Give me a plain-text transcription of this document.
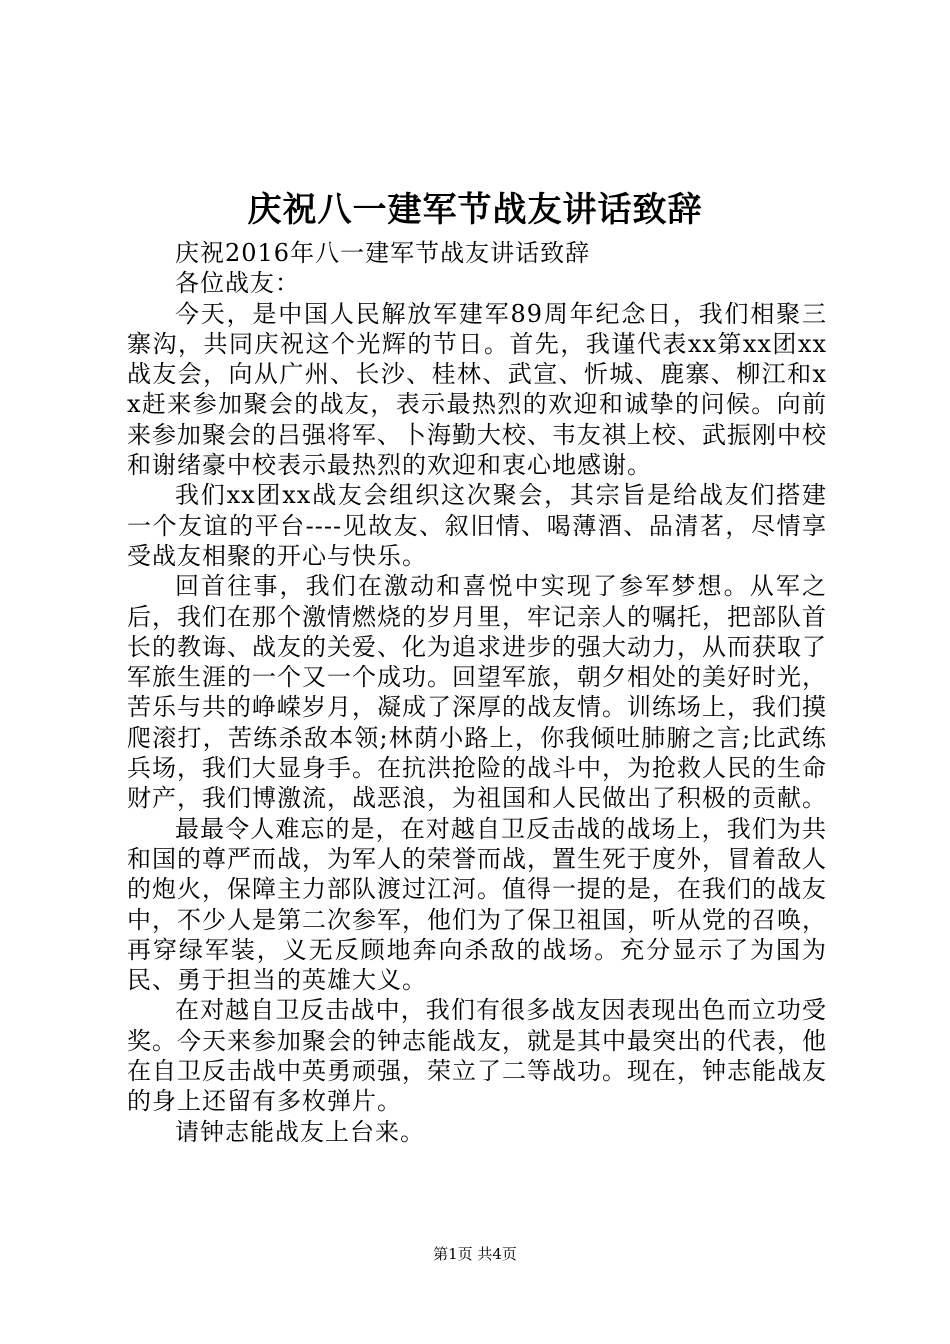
庆祝八一建军节战友讲话致辞

庆祝2016年八一建军节战友讲话致辞

各位战友：

今天，是中国人民解放军建军89周年纪念日，我们相聚三寨沟，共同庆祝这个光辉的节日。首先，我谨代表xx第xx团xx战友会，向从广州、长沙、桂林、武宣、忻城、鹿寨、柳江和xx赶来参加聚会的战友，表示最热烈的欢迎和诚挚的问候。向前来参加聚会的吕强将军、卜海勤大校、韦友祺上校、武振刚中校和谢绪豪中校表示最热烈的欢迎和衷心地感谢。

我们xx团xx战友会组织这次聚会，其宗旨是给战友们搭建一个友谊的平台----见故友、叙旧情、喝薄酒、品清茗，尽情享受战友相聚的开心与快乐。

回首往事，我们在激动和喜悦中实现了参军梦想。从军之后，我们在那个激情燃烧的岁月里，牢记亲人的嘱托，把部队首长的教诲、战友的关爱、化为追求进步的强大动力，从而获取了军旅生涯的一个又一个成功。回望军旅，朝夕相处的美好时光，苦乐与共的峥嵘岁月，凝成了深厚的战友情。训练场上，我们摸爬滚打，苦练杀敌本领;林荫小路上，你我倾吐肺腑之言;比武练兵场，我们大显身手。在抗洪抢险的战斗中，为抢救人民的生命财产，我们博激流，战恶浪，为祖国和人民做出了积极的贡献。

最最令人难忘的是，在对越自卫反击战的战场上，我们为共和国的尊严而战，为军人的荣誉而战，置生死于度外，冒着敌人的炮火，保障主力部队渡过江河。值得一提的是，在我们的战友中，不少人是第二次参军，他们为了保卫祖国，听从党的召唤，再穿绿军装，义无反顾地奔向杀敌的战场。充分显示了为国为民、勇于担当的英雄大义。

在对越自卫反击战中，我们有很多战友因表现出色而立功受奖。今天来参加聚会的钟志能战友，就是其中最突出的代表，他在自卫反击战中英勇顽强，荣立了二等战功。现在，钟志能战友的身上还留有多枚弹片。

请钟志能战友上台来。

第1页 共4页
